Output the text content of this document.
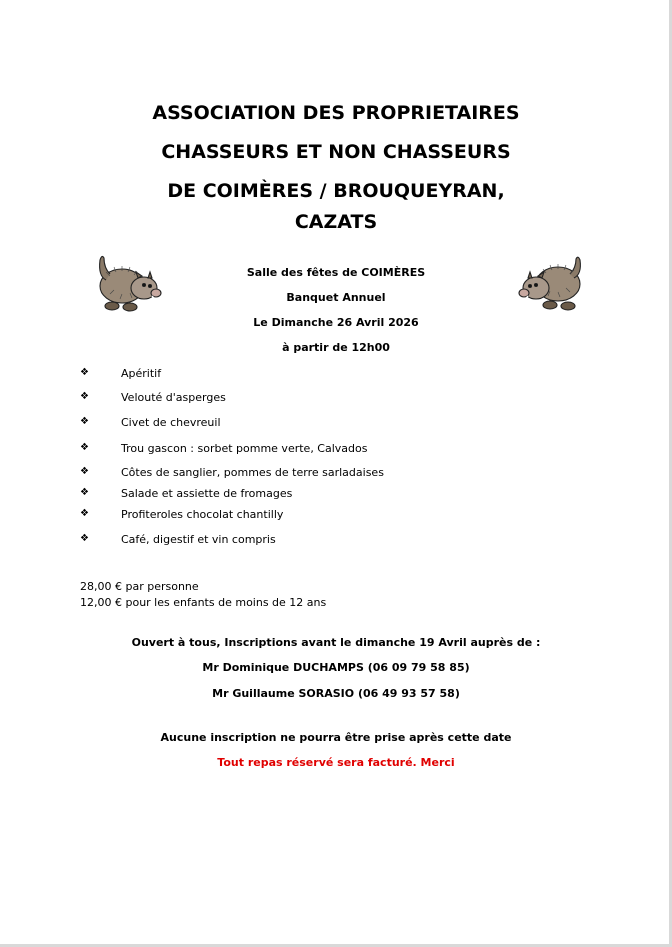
ASSOCIATION DES PROPRIETAIRES
CHASSEURS ET NON CHASSEURS
DE COIMÈRES / BROUQUEYRAN,
CAZATS
Salle des fêtes de COIMÈRES
Banquet Annuel
Le Dimanche 26 Avril 2026
à partir de 12h00
❖	Apéritif
❖	Velouté d'asperges
❖	Civet de chevreuil
❖	Trou gascon : sorbet pomme verte, Calvados
❖	Côtes de sanglier, pommes de terre sarladaises
❖	Salade et assiette de fromages
❖	Profiteroles chocolat chantilly
❖	Café, digestif et vin compris
28,00 € par personne
12,00 € pour les enfants de moins de 12 ans
Ouvert à tous, Inscriptions avant le dimanche 19 Avril auprès de :
Mr Dominique DUCHAMPS (06 09 79 58 85)
Mr Guillaume SORASIO (06 49 93 57 58)
Aucune inscription ne pourra être prise après cette date
Tout repas réservé sera facturé. Merci
